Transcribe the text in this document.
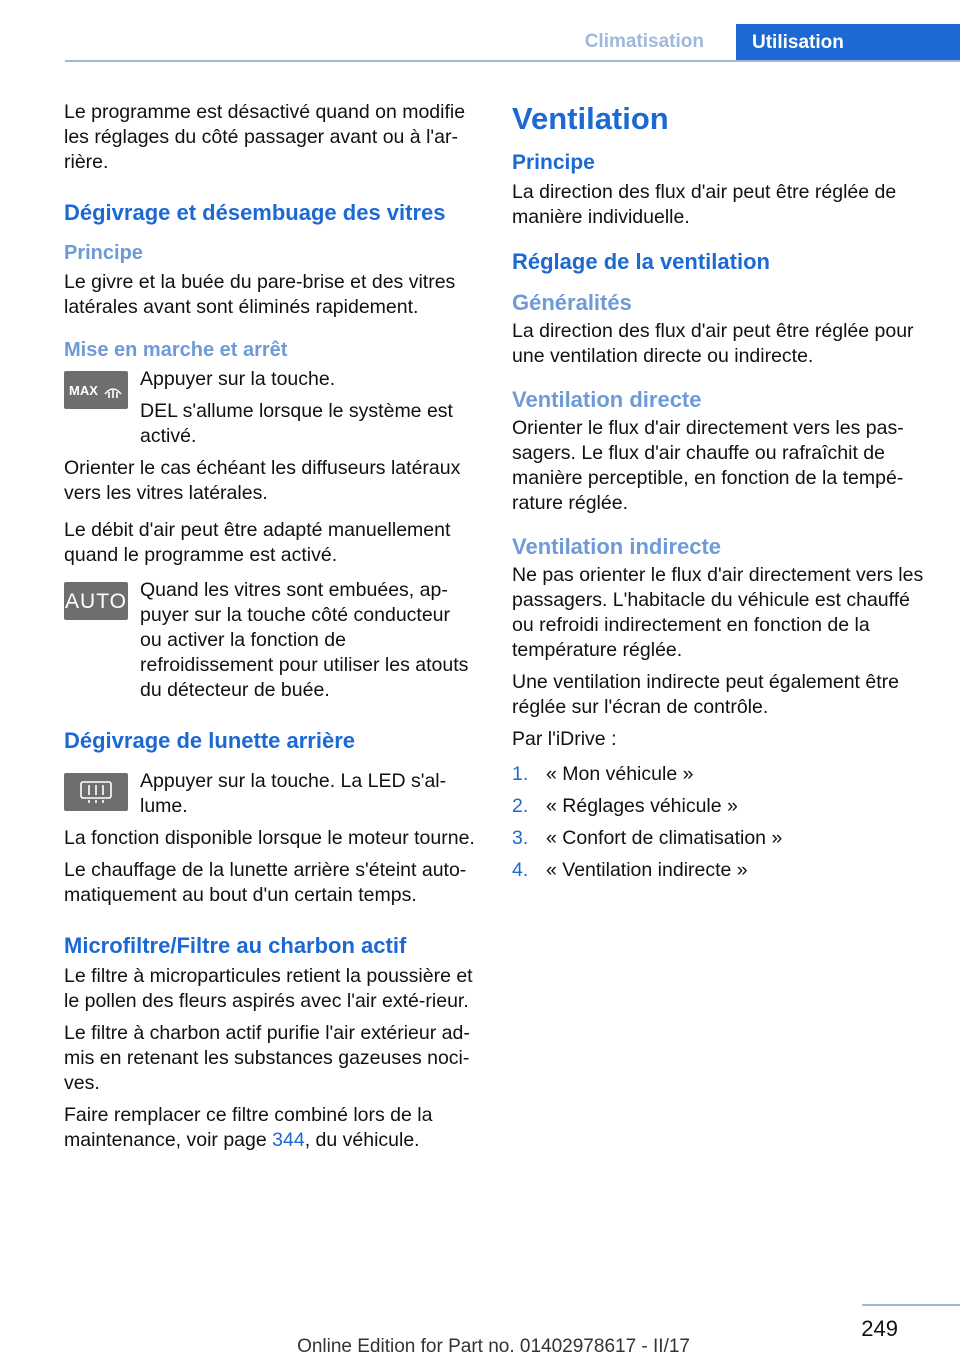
Climatisation	Utilisation

Le programme est désactivé quand on modifie les réglages du côté passager avant ou à l'ar-rière.

Dégivrage et désembuage des vitres
Principe

Le givre et la buée du pare-brise et des vitres latérales avant sont éliminés rapidement.

Mise en marche et arrêt
MAX

Appuyer sur la touche.

DEL s'allume lorsque le système est activé.

Orienter le cas échéant les diffuseurs latéraux vers les vitres latérales.

Le débit d'air peut être adapté manuellement quand le programme est activé.

AUTO Quand les vitres sont embuées, ap-puyer sur la touche côté conducteur ou activer la fonction de refroidissement pour utiliser les atouts du détecteur de buée.

Dégivrage de lunette arrière

Appuyer sur la touche. La LED s'al-lume.

La fonction disponible lorsque le moteur tourne.

Le chauffage de la lunette arrière s'éteint auto-matiquement au bout d'un certain temps.

Microfiltre/Filtre au charbon actif

Le filtre à microparticules retient la poussière et le pollen des fleurs aspirés avec l'air exté-rieur.

Le filtre à charbon actif purifie l'air extérieur ad-mis en retenant les substances gazeuses noci-ves.

Faire remplacer ce filtre combiné lors de la maintenance, voir page 344, du véhicule.

Ventilation
Principe

La direction des flux d'air peut être réglée de manière individuelle.

Réglage de la ventilation
Généralités

La direction des flux d'air peut être réglée pour une ventilation directe ou indirecte.

Ventilation directe

Orienter le flux d'air directement vers les pas-sagers. Le flux d'air chauffe ou rafraîchit de manière perceptible, en fonction de la tempé-rature réglée.

Ventilation indirecte

Ne pas orienter le flux d'air directement vers les passagers. L'habitacle du véhicule est chauffé ou refroidi indirectement en fonction de la température réglée.

Une ventilation indirecte peut également être réglée sur l'écran de contrôle.

Par l'iDrive :

1. « Mon véhicule »
2. « Réglages véhicule »
3. « Confort de climatisation »
4. « Ventilation indirecte »
249
Online Edition for Part no. 01402978617 - II/17
